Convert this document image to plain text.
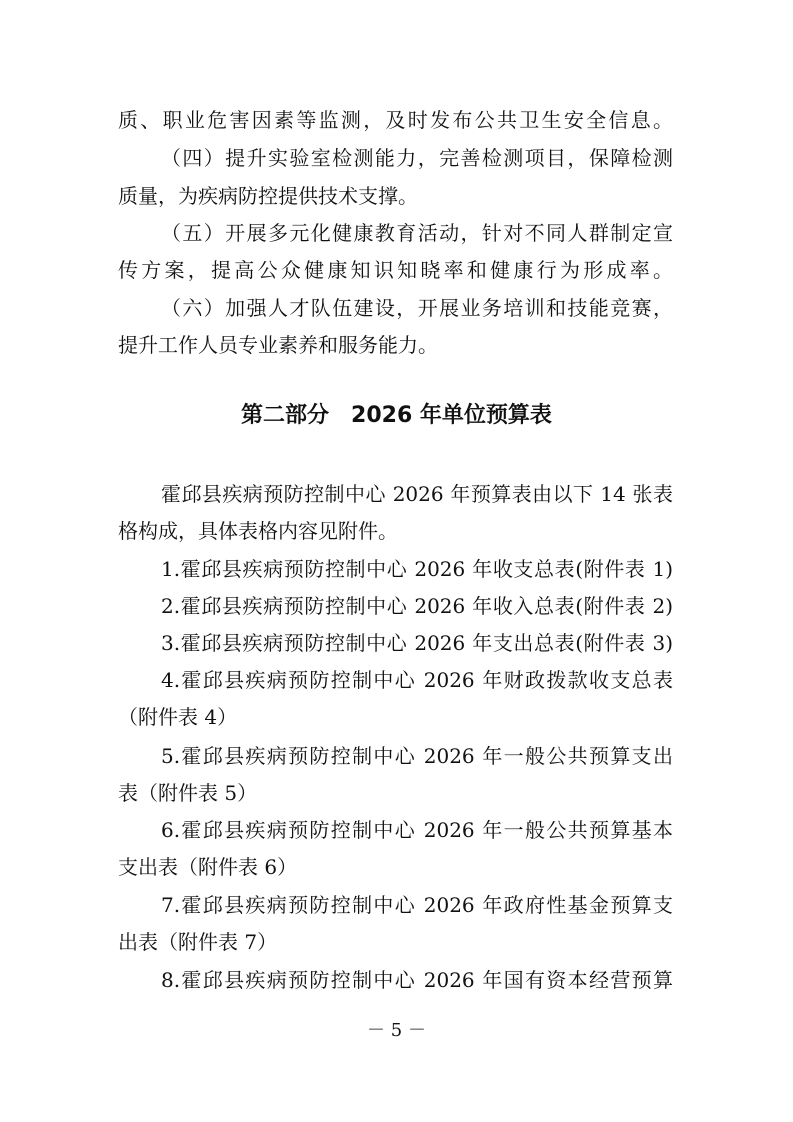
质、职业危害因素等监测，及时发布公共卫生安全信息。
（四）提升实验室检测能力，完善检测项目，保障检测
质量，为疾病防控提供技术支撑。
（五）开展多元化健康教育活动，针对不同人群制定宣
传方案，提高公众健康知识知晓率和健康行为形成率。
（六）加强人才队伍建设，开展业务培训和技能竞赛，
提升工作人员专业素养和服务能力。
第二部分　2026 年单位预算表
霍邱县疾病预防控制中心 2026 年预算表由以下 14 张表
格构成，具体表格内容见附件。
1.霍邱县疾病预防控制中心 2026 年收支总表(附件表 1)
2.霍邱县疾病预防控制中心 2026 年收入总表(附件表 2)
3.霍邱县疾病预防控制中心 2026 年支出总表(附件表 3)
4.霍邱县疾病预防控制中心 2026 年财政拨款收支总表
（附件表 4）
5.霍邱县疾病预防控制中心 2026 年一般公共预算支出
表（附件表 5）
6.霍邱县疾病预防控制中心 2026 年一般公共预算基本
支出表（附件表 6）
7.霍邱县疾病预防控制中心 2026 年政府性基金预算支
出表（附件表 7）
8.霍邱县疾病预防控制中心 2026 年国有资本经营预算
－ 5 －
